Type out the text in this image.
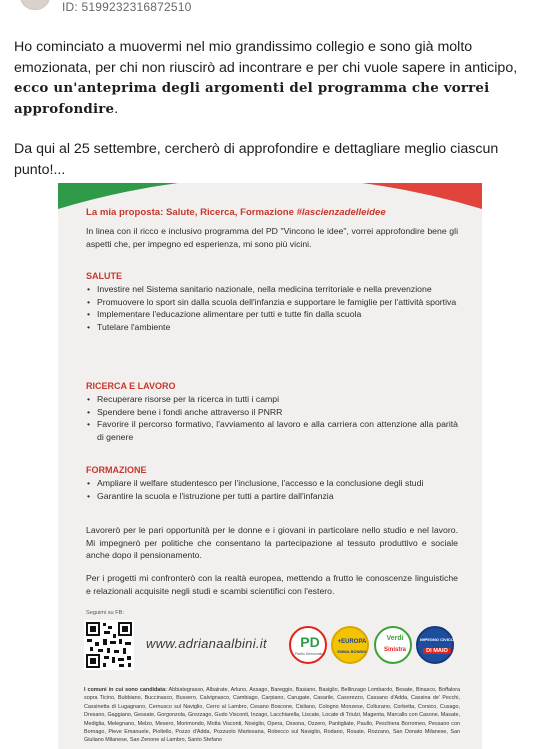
ID: 5199232316872510

Ho cominciato a muovermi nel mio grandissimo collegio e sono già molto emozionata, per chi non riuscirò ad incontrare e per chi vuole sapere in anticipo, ecco un'anteprima degli argomenti del programma che vorrei approfondire.

Da qui al 25 settembre, cercherò di approfondire e dettagliare meglio ciascun punto!...

La mia proposta: Salute, Ricerca, Formazione #lascienzadelleidee
In linea con il ricco e inclusivo programma del PD "Vincono le idee", vorrei approfondire bene gli aspetti che, per impegno ed esperienza, mi sono più vicini.
SALUTE
• Investire nel Sistema sanitario nazionale, nella medicina territoriale e nella prevenzione
• Promuovere lo sport sin dalla scuola dell'infanzia e supportare le famiglie per l'attività sportiva
• Implementare l'educazione alimentare per tutti e tutte fin dalla scuola
• Tutelare l'ambiente
RICERCA E LAVORO
• Recuperare risorse per la ricerca in tutti i campi
• Spendere bene i fondi anche attraverso il PNRR
• Favorire il percorso formativo, l'avviamento al lavoro e alla carriera con attenzione alla parità di genere
FORMAZIONE
• Ampliare il welfare studentesco per l'inclusione, l'accesso e la conclusione degli studi
• Garantire la scuola e l'istruzione per tutti a partire dall'infanzia
Lavorerò per le pari opportunità per le donne e i giovani in particolare nello studio e nel lavoro. Mi impegnerò per politiche che consentano la partecipazione al tessuto produttivo e sociale anche dopo il pensionamento.
Per i progetti mi confronterò con la realtà europea, mettendo a frutto le conoscenze linguistiche e relazionali acquisite negli studi e scambi scientifici con l'estero.
Seguimi su FB:
www.adrianaalbini.it	PD
Partito Democratico
+EUROPA
EMMA BONINO
Verdi
Sinistra
IMPEGNO CIVICO
DI MAIO
I comuni in cui sono candidata: Abbiategrasso, Albairate, Arluno, Assago, Bareggio, Basiano, Basiglio, Bellinzago Lombardo, Besate, Binasco, Boffalora sopra Ticino, Bubbiano, Buccinasco, Bussero, Calvignasco, Cambiago, Carpiano, Carugate, Casarile, Casorezzo, Cassano d'Adda, Cassina de' Pecchi, Cassinetta di Lugagnano, Cernusco sul Naviglio, Cerro al Lambro, Cesano Boscone, Cisliano, Cologno Monzese, Colturano, Corbetta, Corsico, Cusago, Dresano, Gaggiano, Gessate, Gorgonzola, Grezzago, Gudo Visconti, Inzago, Lacchiarella, Liscate, Locate di Triulzi, Magenta, Marcallo con Casone, Masate, Mediglia, Melegnano, Melzo, Mesero, Morimondo, Motta Visconti, Noviglio, Opera, Ossona, Ozzero, Pantigliate, Paullo, Peschiera Borromeo, Pessano con Bornago, Pieve Emanuele, Pioltello, Pozzo d'Adda, Pozzuolo Martesana, Robecco sul Naviglio, Rodano, Rosate, Rozzano, San Donato Milanese, San Giuliano Milanese, San Zenone al Lambro, Santo Stefano
